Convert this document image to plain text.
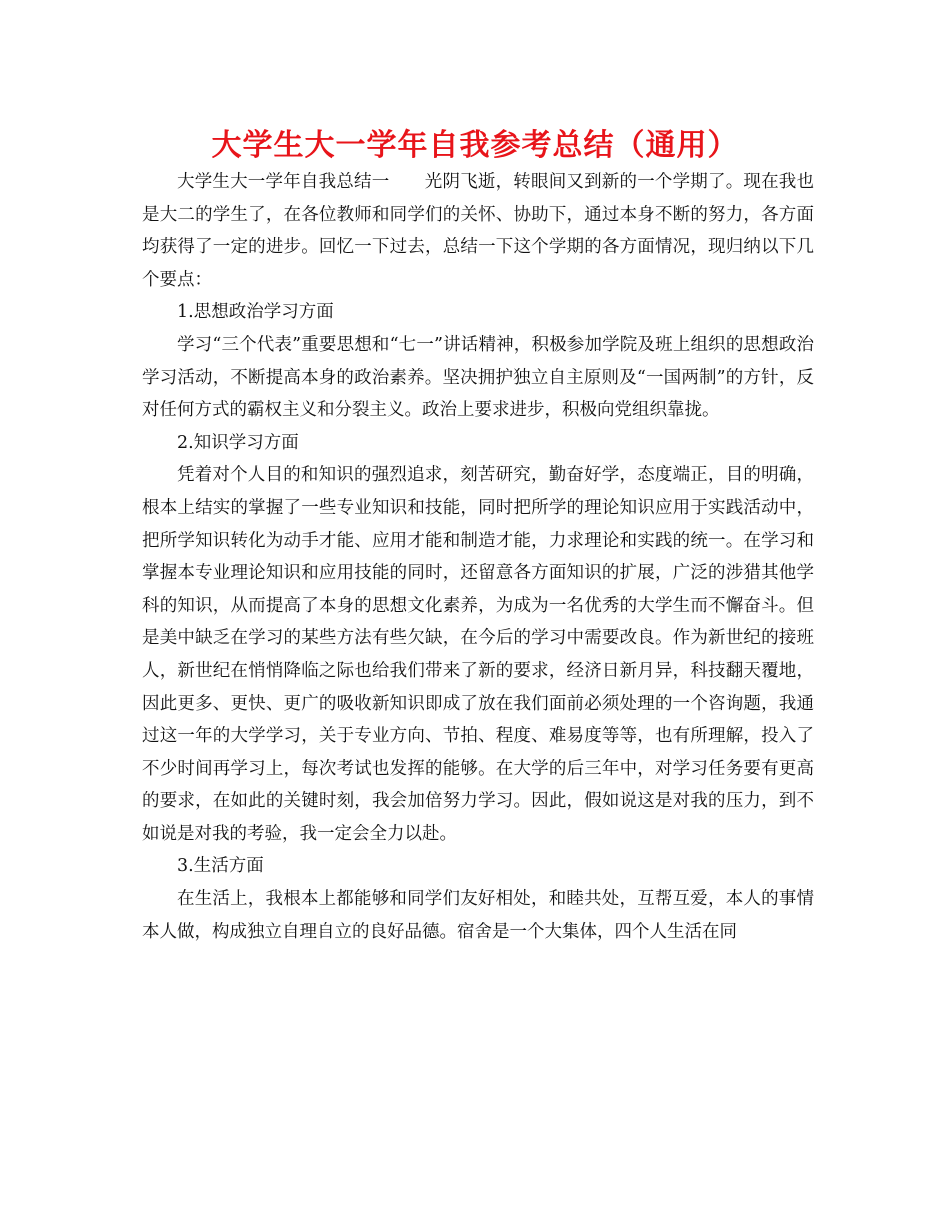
大学生大一学年自我参考总结（通用）

大学生大一学年自我总结一　　光阴飞逝，转眼间又到新的一个学期了。现在我也是大二的学生了，在各位教师和同学们的关怀、协助下，通过本身不断的努力，各方面均获得了一定的进步。回忆一下过去，总结一下这个学期的各方面情况，现归纳以下几个要点：

1.思想政治学习方面

学习“三个代表”重要思想和“七一”讲话精神，积极参加学院及班上组织的思想政治学习活动，不断提高本身的政治素养。坚决拥护独立自主原则及“一国两制”的方针，反对任何方式的霸权主义和分裂主义。政治上要求进步，积极向党组织靠拢。

2.知识学习方面

凭着对个人目的和知识的强烈追求，刻苦研究，勤奋好学，态度端正，目的明确，根本上结实的掌握了一些专业知识和技能，同时把所学的理论知识应用于实践活动中，把所学知识转化为动手才能、应用才能和制造才能，力求理论和实践的统一。在学习和掌握本专业理论知识和应用技能的同时，还留意各方面知识的扩展，广泛的涉猎其他学科的知识，从而提高了本身的思想文化素养，为成为一名优秀的大学生而不懈奋斗。但是美中缺乏在学习的某些方法有些欠缺，在今后的学习中需要改良。作为新世纪的接班人，新世纪在悄悄降临之际也给我们带来了新的要求，经济日新月异，科技翻天覆地，因此更多、更快、更广的吸收新知识即成了放在我们面前必须处理的一个咨询题，我通过这一年的大学学习，关于专业方向、节拍、程度、难易度等等，也有所理解，投入了不少时间再学习上，每次考试也发挥的能够。在大学的后三年中，对学习任务要有更高的要求，在如此的关键时刻，我会加倍努力学习。因此，假如说这是对我的压力，到不如说是对我的考验，我一定会全力以赴。

3.生活方面

在生活上，我根本上都能够和同学们友好相处，和睦共处，互帮互爱，本人的事情本人做，构成独立自理自立的良好品德。宿舍是一个大集体，四个人生活在同
